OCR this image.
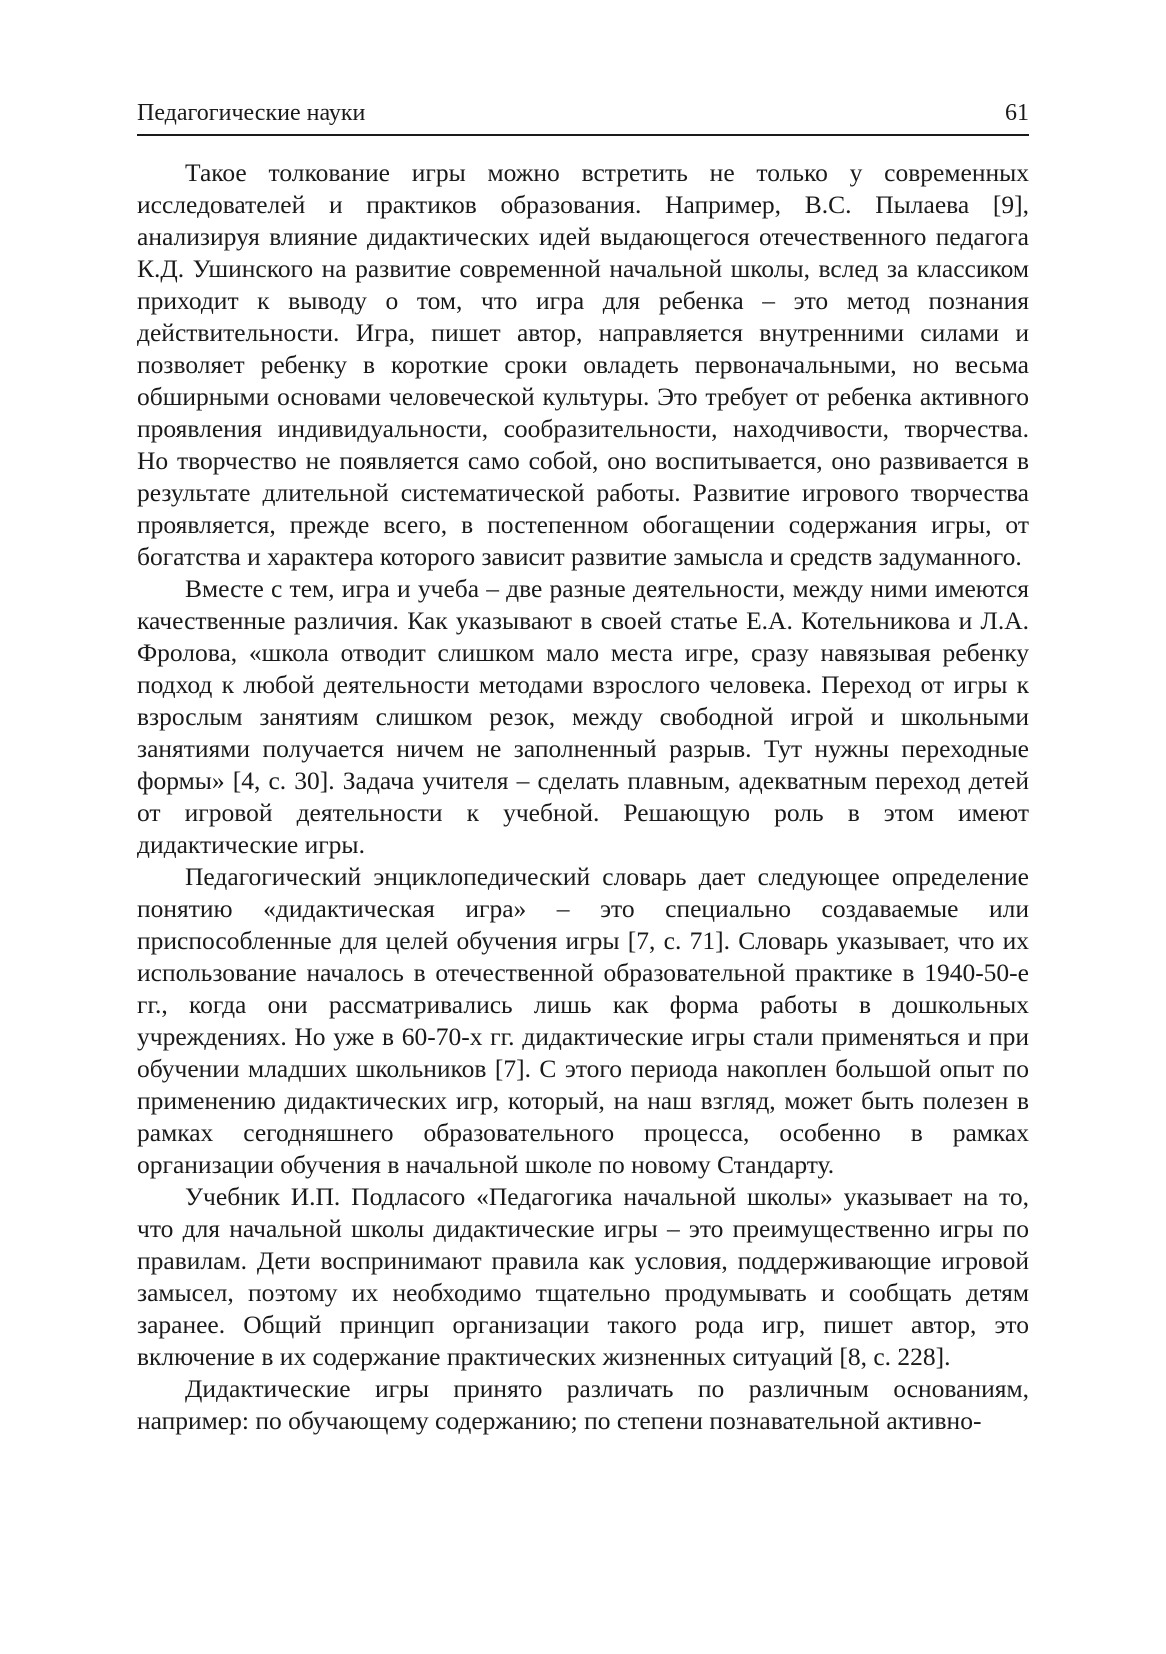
Педагогические науки	61

Такое толкование игры можно встретить не только у современных исследователей и практиков образования. Например, В.С. Пылаева [9], анализируя влияние дидактических идей выдающегося отечественного педагога К.Д. Ушинского на развитие современной начальной школы, вслед за классиком приходит к выводу о том, что игра для ребенка – это метод познания действительности. Игра, пишет автор, направляется внутренними силами и позволяет ребенку в короткие сроки овладеть первоначальными, но весьма обширными основами человеческой культуры. Это требует от ребенка активного проявления индивидуальности, сообразительности, находчивости, творчества. Но творчество не появляется само собой, оно воспитывается, оно развивается в результате длительной систематической работы. Развитие игрового творчества проявляется, прежде всего, в постепенном обогащении содержания игры, от богатства и характера которого зависит развитие замысла и средств задуманного.

Вместе с тем, игра и учеба – две разные деятельности, между ними имеются качественные различия. Как указывают в своей статье Е.А. Котельникова и Л.А. Фролова, «школа отводит слишком мало места игре, сразу навязывая ребенку подход к любой деятельности методами взрослого человека. Переход от игры к взрослым занятиям слишком резок, между свободной игрой и школьными занятиями получается ничем не заполненный разрыв. Тут нужны переходные формы» [4, с. 30]. Задача учителя – сделать плавным, адекватным переход детей от игровой деятельности к учебной. Решающую роль в этом имеют дидактические игры.

Педагогический энциклопедический словарь дает следующее определение понятию «дидактическая игра» – это специально создаваемые или приспособленные для целей обучения игры [7, с. 71]. Словарь указывает, что их использование началось в отечественной образовательной практике в 1940-50-е гг., когда они рассматривались лишь как форма работы в дошкольных учреждениях. Но уже в 60-70-х гг. дидактические игры стали применяться и при обучении младших школьников [7]. С этого периода накоплен большой опыт по применению дидактических игр, который, на наш взгляд, может быть полезен в рамках сегодняшнего образовательного процесса, особенно в рамках организации обучения в начальной школе по новому Стандарту.

Учебник И.П. Подласого «Педагогика начальной школы» указывает на то, что для начальной школы дидактические игры – это преимущественно игры по правилам. Дети воспринимают правила как условия, поддерживающие игровой замысел, поэтому их необходимо тщательно продумывать и сообщать детям заранее. Общий принцип организации такого рода игр, пишет автор, это включение в их содержание практических жизненных ситуаций [8, с. 228].

Дидактические игры принято различать по различным основаниям, например: по обучающему содержанию; по степени познавательной активно-
